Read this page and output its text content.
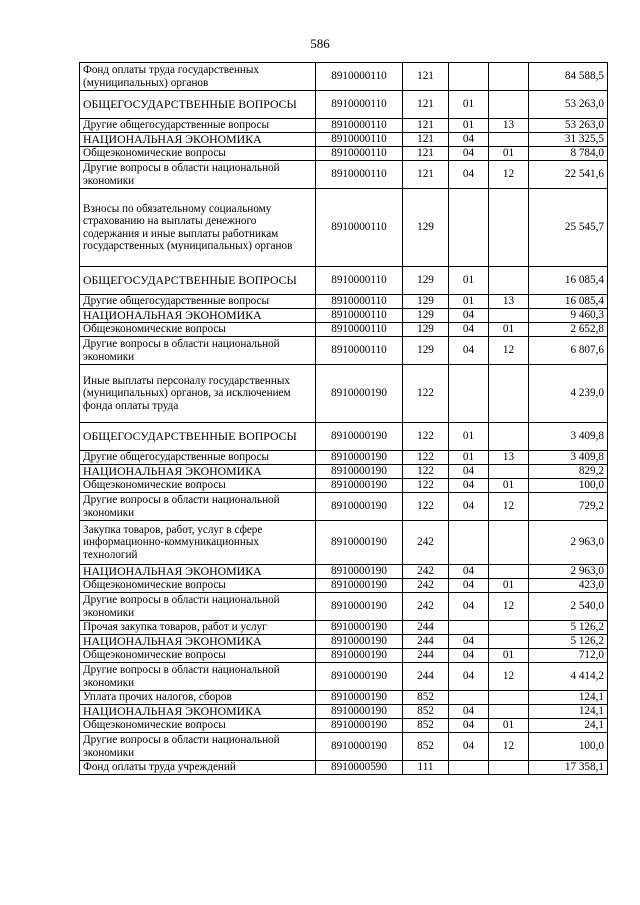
586
Фонд оплаты труда государственных (муниципальных) органов	8910000110	121			84 588,5
ОБЩЕГОСУДАРСТВЕННЫЕ ВОПРОСЫ	8910000110	121	01		53 263,0
Другие общегосударственные вопросы	8910000110	121	01	13	53 263,0
НАЦИОНАЛЬНАЯ ЭКОНОМИКА	8910000110	121	04		31 325,5
Общеэкономические вопросы	8910000110	121	04	01	8 784,0
Другие вопросы в области национальной экономики	8910000110	121	04	12	22 541,6
Взносы по обязательному социальному страхованию на выплаты денежного содержания и иные выплаты работникам государственных (муниципальных) органов	8910000110	129			25 545,7
ОБЩЕГОСУДАРСТВЕННЫЕ ВОПРОСЫ	8910000110	129	01		16 085,4
Другие общегосударственные вопросы	8910000110	129	01	13	16 085,4
НАЦИОНАЛЬНАЯ ЭКОНОМИКА	8910000110	129	04		9 460,3
Общеэкономические вопросы	8910000110	129	04	01	2 652,8
Другие вопросы в области национальной экономики	8910000110	129	04	12	6 807,6
Иные выплаты персоналу государственных (муниципальных) органов, за исключением фонда оплаты труда	8910000190	122			4 239,0
ОБЩЕГОСУДАРСТВЕННЫЕ ВОПРОСЫ	8910000190	122	01		3 409,8
Другие общегосударственные вопросы	8910000190	122	01	13	3 409,8
НАЦИОНАЛЬНАЯ ЭКОНОМИКА	8910000190	122	04		829,2
Общеэкономические вопросы	8910000190	122	04	01	100,0
Другие вопросы в области национальной экономики	8910000190	122	04	12	729,2
Закупка товаров, работ, услуг в сфере информационно-коммуникационных технологий	8910000190	242			2 963,0
НАЦИОНАЛЬНАЯ ЭКОНОМИКА	8910000190	242	04		2 963,0
Общеэкономические вопросы	8910000190	242	04	01	423,0
Другие вопросы в области национальной экономики	8910000190	242	04	12	2 540,0
Прочая закупка товаров, работ и услуг	8910000190	244			5 126,2
НАЦИОНАЛЬНАЯ ЭКОНОМИКА	8910000190	244	04		5 126,2
Общеэкономические вопросы	8910000190	244	04	01	712,0
Другие вопросы в области национальной экономики	8910000190	244	04	12	4 414,2
Уплата прочих налогов, сборов	8910000190	852			124,1
НАЦИОНАЛЬНАЯ ЭКОНОМИКА	8910000190	852	04		124,1
Общеэкономические вопросы	8910000190	852	04	01	24,1
Другие вопросы в области национальной экономики	8910000190	852	04	12	100,0
Фонд оплаты труда учреждений	8910000590	111			17 358,1
